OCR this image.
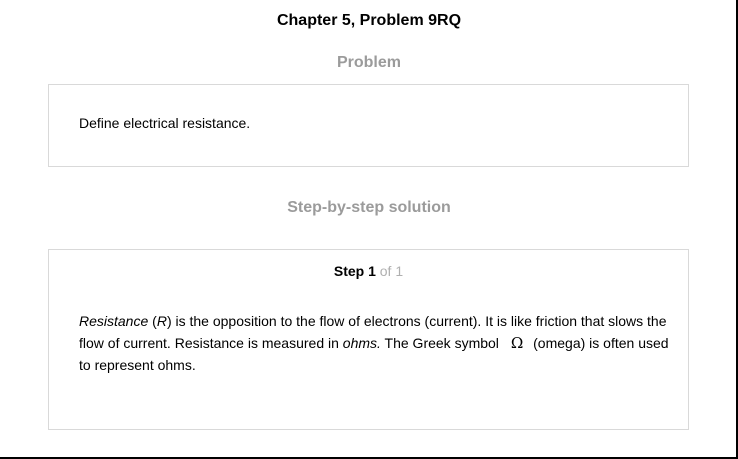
Chapter 5, Problem 9RQ
Problem
Define electrical resistance.
Step-by-step solution
Step 1 of 1
Resistance (R) is the opposition to the flow of electrons (current). It is like friction that slows the flow of current. Resistance is measured in ohms. The Greek symbol Ω (omega) is often used to represent ohms.
